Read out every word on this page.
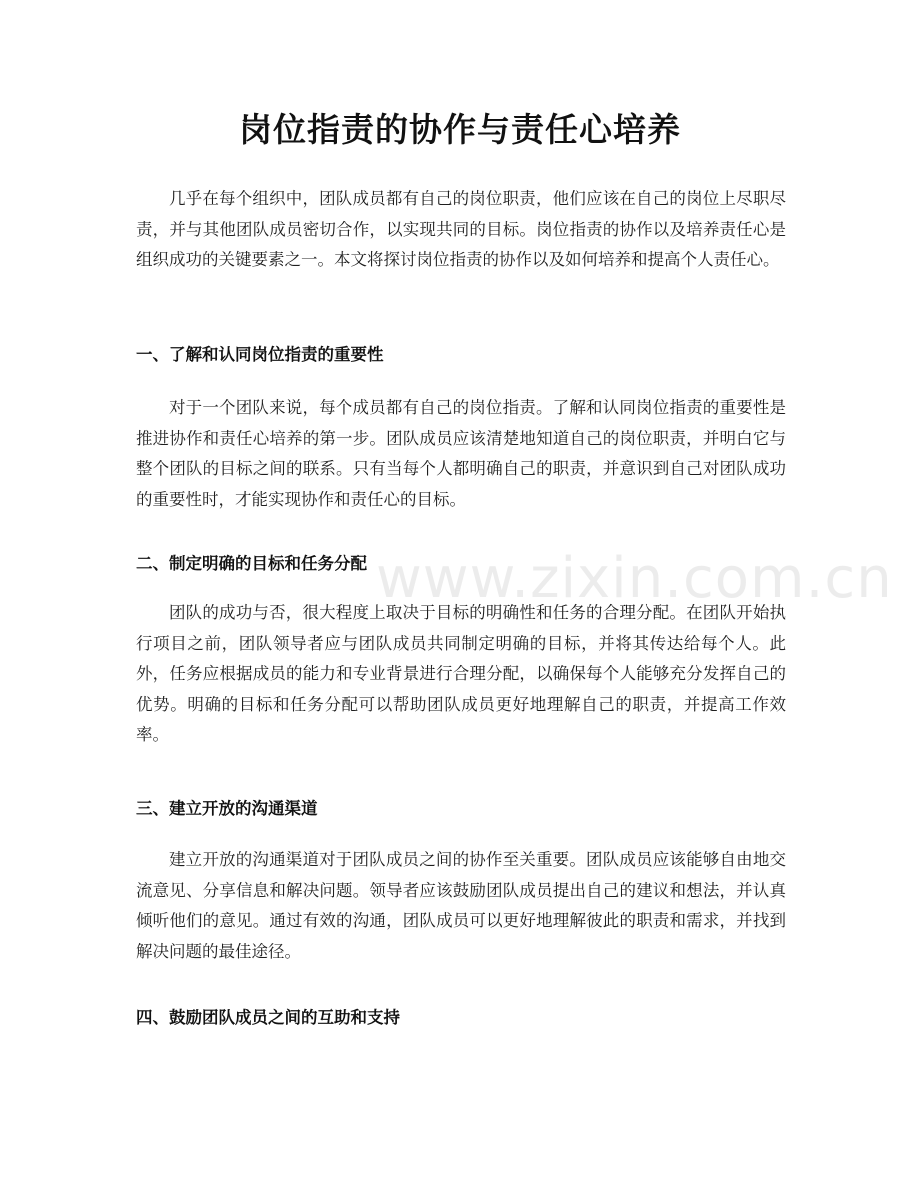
岗位指责的协作与责任心培养

几乎在每个组织中，团队成员都有自己的岗位职责，他们应该在自己的岗位上尽职尽责，并与其他团队成员密切合作，以实现共同的目标。岗位指责的协作以及培养责任心是组织成功的关键要素之一。本文将探讨岗位指责的协作以及如何培养和提高个人责任心。

一、了解和认同岗位指责的重要性

对于一个团队来说，每个成员都有自己的岗位指责。了解和认同岗位指责的重要性是推进协作和责任心培养的第一步。团队成员应该清楚地知道自己的岗位职责，并明白它与整个团队的目标之间的联系。只有当每个人都明确自己的职责，并意识到自己对团队成功的重要性时，才能实现协作和责任心的目标。

二、制定明确的目标和任务分配

团队的成功与否，很大程度上取决于目标的明确性和任务的合理分配。在团队开始执行项目之前，团队领导者应与团队成员共同制定明确的目标，并将其传达给每个人。此外，任务应根据成员的能力和专业背景进行合理分配，以确保每个人能够充分发挥自己的优势。明确的目标和任务分配可以帮助团队成员更好地理解自己的职责，并提高工作效率。

三、建立开放的沟通渠道

建立开放的沟通渠道对于团队成员之间的协作至关重要。团队成员应该能够自由地交流意见、分享信息和解决问题。领导者应该鼓励团队成员提出自己的建议和想法，并认真倾听他们的意见。通过有效的沟通，团队成员可以更好地理解彼此的职责和需求，并找到解决问题的最佳途径。

四、鼓励团队成员之间的互助和支持
www.zixin.com.cn
